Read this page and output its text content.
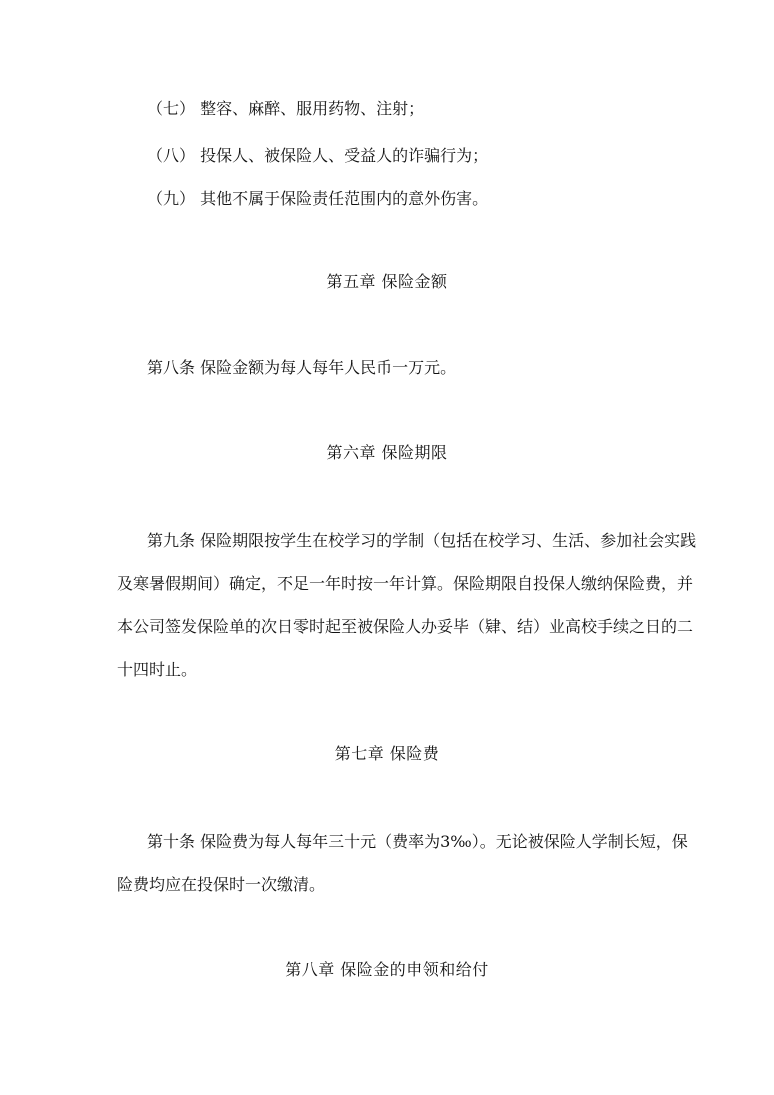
（七） 整容、麻醉、服用药物、注射；
（八） 投保人、被保险人、受益人的诈骗行为；
（九） 其他不属于保险责任范围内的意外伤害。
第五章 保险金额
第八条 保险金额为每人每年人民币一万元。
第六章 保险期限
第九条 保险期限按学生在校学习的学制（包括在校学习、生活、参加社会实践
及寒暑假期间）确定，不足一年时按一年计算。保险期限自投保人缴纳保险费，并
本公司签发保险单的次日零时起至被保险人办妥毕（肄、结）业高校手续之日的二
十四时止。
第七章 保险费
第十条 保险费为每人每年三十元（费率为3‰）。无论被保险人学制长短，保
险费均应在投保时一次缴清。
第八章 保险金的申领和给付
